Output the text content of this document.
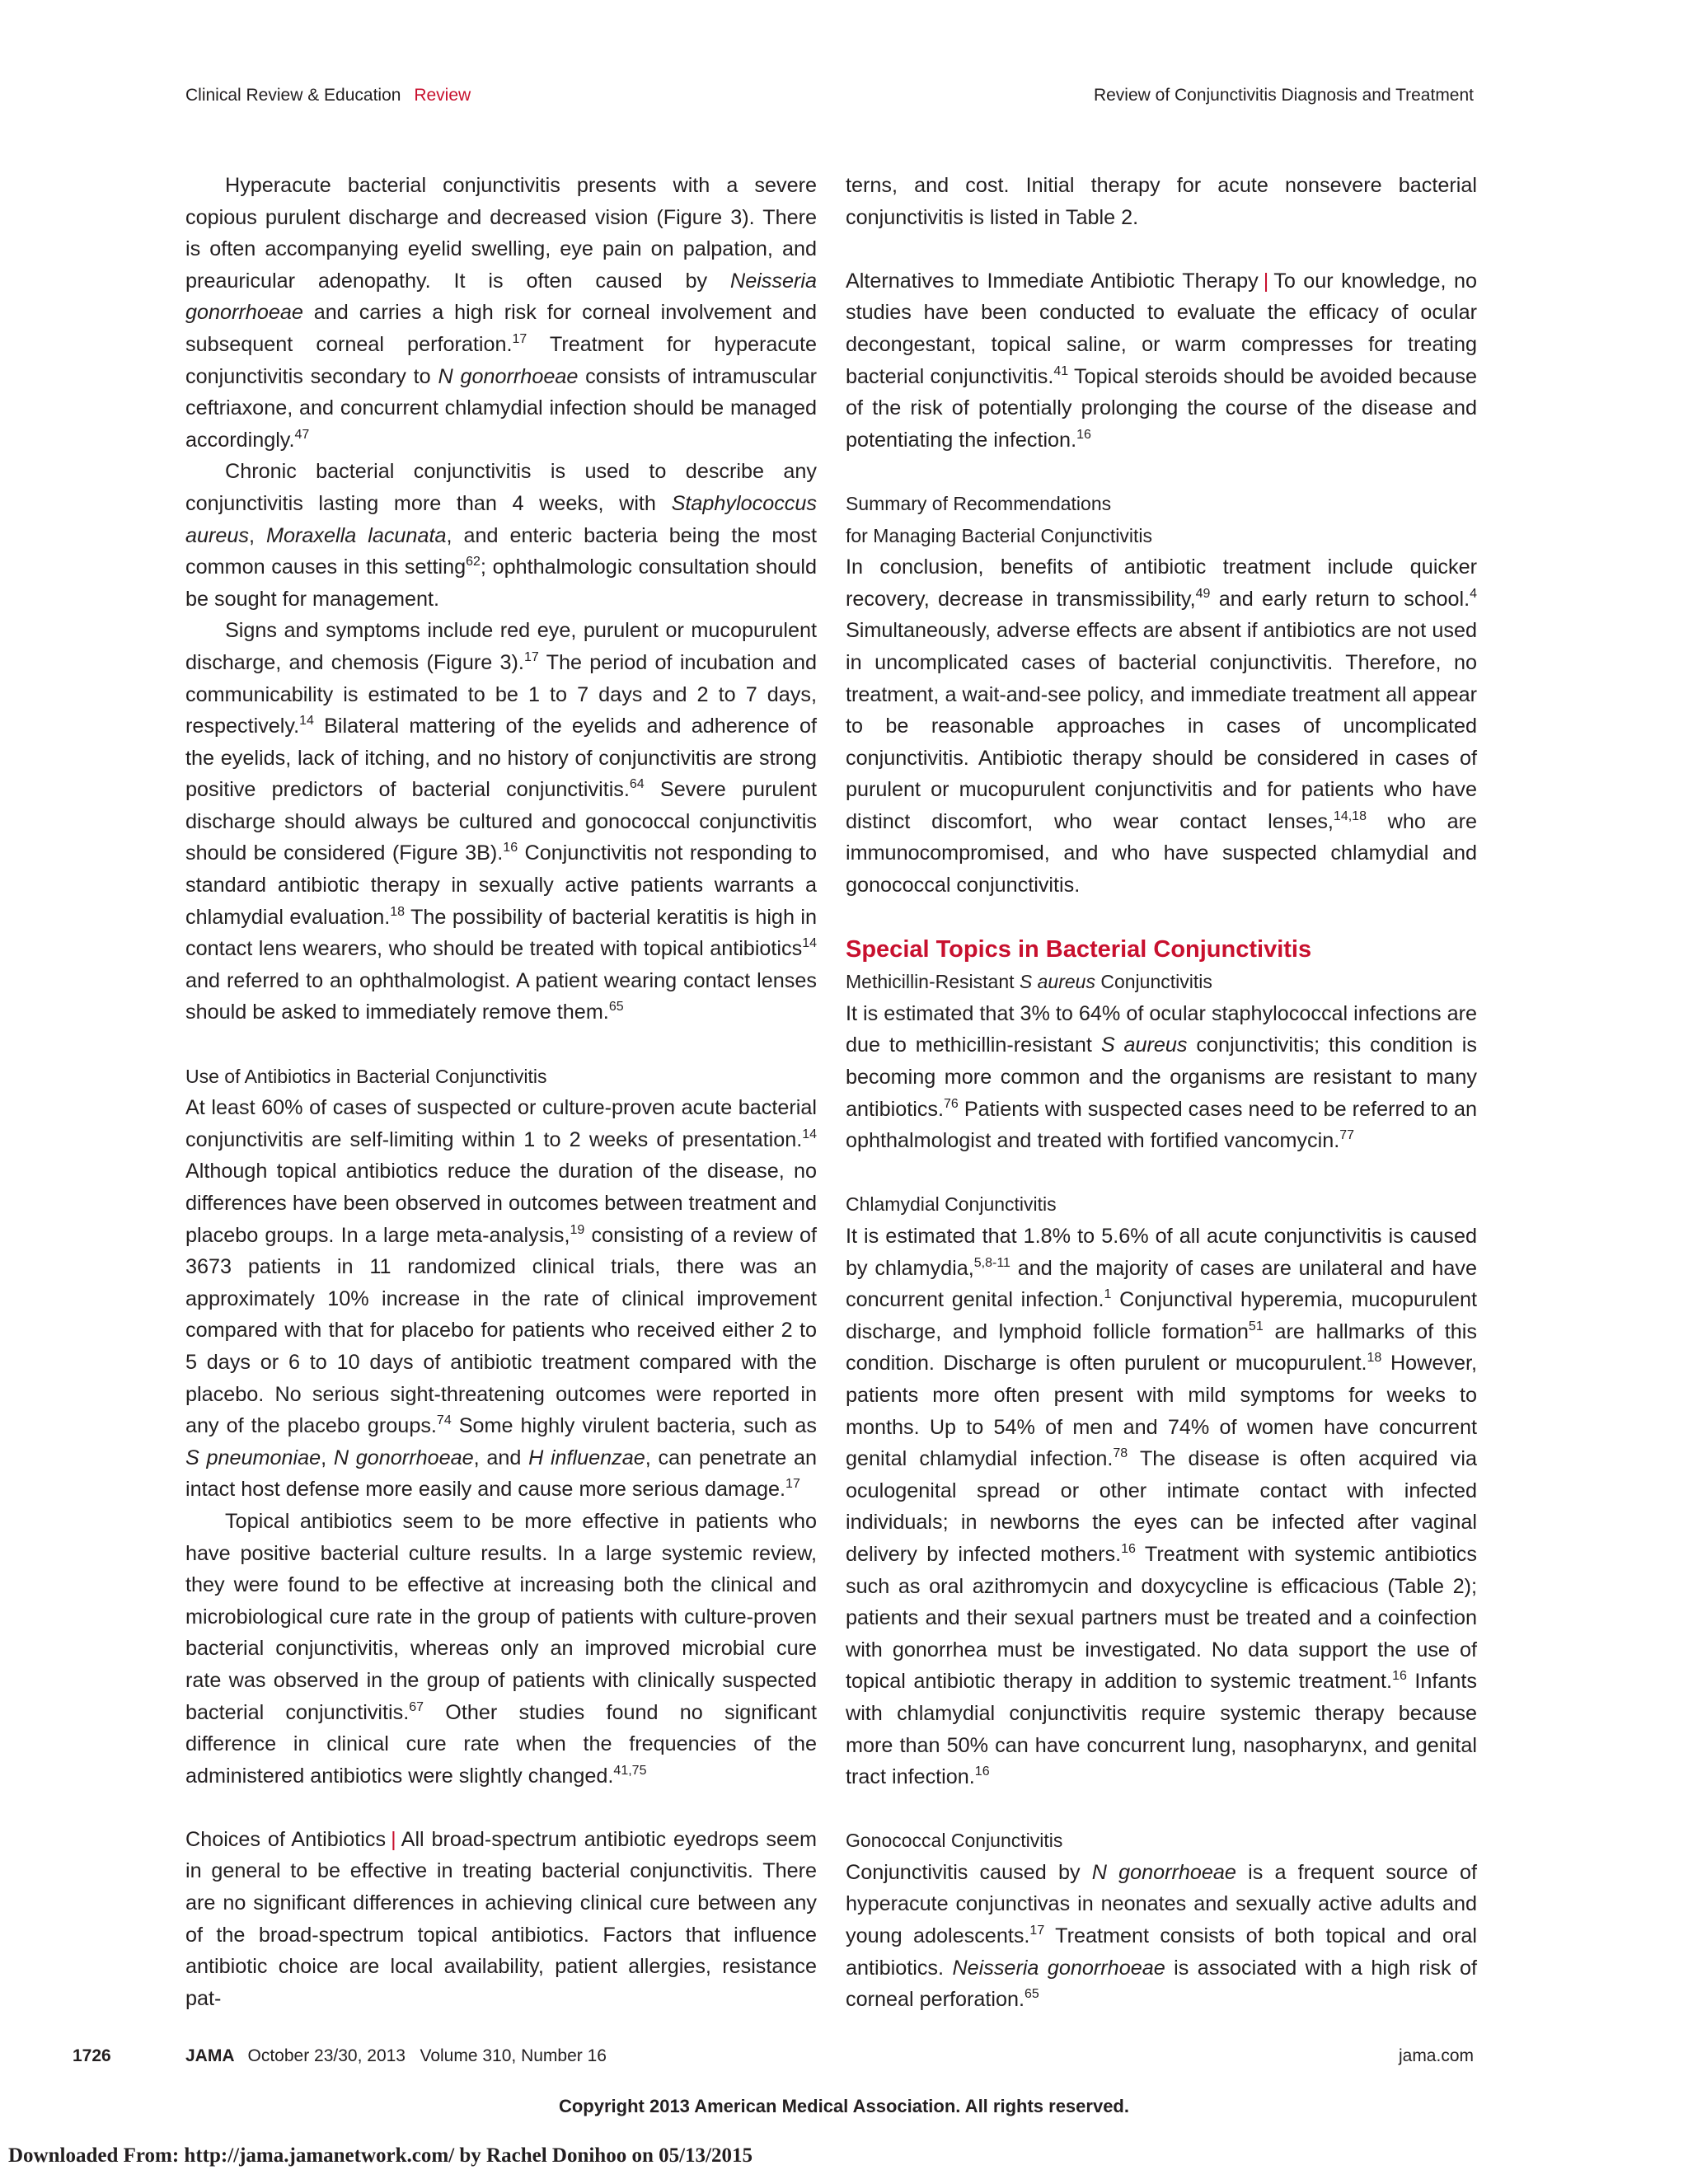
Clinical Review & Education Review	Review of Conjunctivitis Diagnosis and Treatment

Hyperacute bacterial conjunctivitis presents with a severe copious purulent discharge and decreased vision (Figure 3). There is often accompanying eyelid swelling, eye pain on palpation, and preauricular adenopathy. It is often caused by Neisseria gonorrhoeae and carries a high risk for corneal involvement and subsequent corneal perforation.$^{17}$ Treatment for hyperacute conjunctivitis secondary to N gonorrhoeae consists of intramuscular ceftriaxone, and concurrent chlamydial infection should be managed accordingly.$^{47}$

Chronic bacterial conjunctivitis is used to describe any conjunctivitis lasting more than 4 weeks, with Staphylococcus aureus, Moraxella lacunata, and enteric bacteria being the most common causes in this setting$^{62}$; ophthalmologic consultation should be sought for management.

Signs and symptoms include red eye, purulent or mucopurulent discharge, and chemosis (Figure 3).$^{17}$ The period of incubation and communicability is estimated to be 1 to 7 days and 2 to 7 days, respectively.$^{14}$ Bilateral mattering of the eyelids and adherence of the eyelids, lack of itching, and no history of conjunctivitis are strong positive predictors of bacterial conjunctivitis.$^{64}$ Severe purulent discharge should always be cultured and gonococcal conjunctivitis should be considered (Figure 3B).$^{16}$ Conjunctivitis not responding to standard antibiotic therapy in sexually active patients warrants a chlamydial evaluation.$^{18}$ The possibility of bacterial keratitis is high in contact lens wearers, who should be treated with topical antibiotics$^{14}$ and referred to an ophthalmologist. A patient wearing contact lenses should be asked to immediately remove them.$^{65}$

Use of Antibiotics in Bacterial Conjunctivitis

At least 60% of cases of suspected or culture-proven acute bacterial conjunctivitis are self-limiting within 1 to 2 weeks of presentation.$^{14}$ Although topical antibiotics reduce the duration of the disease, no differences have been observed in outcomes between treatment and placebo groups. In a large meta-analysis,$^{19}$ consisting of a review of 3673 patients in 11 randomized clinical trials, there was an approximately 10% increase in the rate of clinical improvement compared with that for placebo for patients who received either 2 to 5 days or 6 to 10 days of antibiotic treatment compared with the placebo. No serious sight-threatening outcomes were reported in any of the placebo groups.$^{74}$ Some highly virulent bacteria, such as S pneumoniae, N gonorrhoeae, and H influenzae, can penetrate an intact host defense more easily and cause more serious damage.$^{17}$

Topical antibiotics seem to be more effective in patients who have positive bacterial culture results. In a large systemic review, they were found to be effective at increasing both the clinical and microbiological cure rate in the group of patients with culture-proven bacterial conjunctivitis, whereas only an improved microbial cure rate was observed in the group of patients with clinically suspected bacterial conjunctivitis.$^{67}$ Other studies found no significant difference in clinical cure rate when the frequencies of the administered antibiotics were slightly changed.$^{41,75}$

Choices of Antibiotics | All broad-spectrum antibiotic eyedrops seem in general to be effective in treating bacterial conjunctivitis. There are no significant differences in achieving clinical cure between any of the broad-spectrum topical antibiotics. Factors that influence antibiotic choice are local availability, patient allergies, resistance pat-

terns, and cost. Initial therapy for acute nonsevere bacterial conjunctivitis is listed in Table 2.

Alternatives to Immediate Antibiotic Therapy | To our knowledge, no studies have been conducted to evaluate the efficacy of ocular decongestant, topical saline, or warm compresses for treating bacterial conjunctivitis.$^{41}$ Topical steroids should be avoided because of the risk of potentially prolonging the course of the disease and potentiating the infection.$^{16}$

Summary of Recommendations
for Managing Bacterial Conjunctivitis

In conclusion, benefits of antibiotic treatment include quicker recovery, decrease in transmissibility,$^{49}$ and early return to school.$^4$ Simultaneously, adverse effects are absent if antibiotics are not used in uncomplicated cases of bacterial conjunctivitis. Therefore, no treatment, a wait-and-see policy, and immediate treatment all appear to be reasonable approaches in cases of uncomplicated conjunctivitis. Antibiotic therapy should be considered in cases of purulent or mucopurulent conjunctivitis and for patients who have distinct discomfort, who wear contact lenses,$^{14,18}$ who are immunocompromised, and who have suspected chlamydial and gonococcal conjunctivitis.

Special Topics in Bacterial Conjunctivitis
Methicillin-Resistant S aureus Conjunctivitis

It is estimated that 3% to 64% of ocular staphylococcal infections are due to methicillin-resistant S aureus conjunctivitis; this condition is becoming more common and the organisms are resistant to many antibiotics.$^{76}$ Patients with suspected cases need to be referred to an ophthalmologist and treated with fortified vancomycin.$^{77}$

Chlamydial Conjunctivitis

It is estimated that 1.8% to 5.6% of all acute conjunctivitis is caused by chlamydia,$^{5,8-11}$ and the majority of cases are unilateral and have concurrent genital infection.$^1$ Conjunctival hyperemia, mucopurulent discharge, and lymphoid follicle formation$^{51}$ are hallmarks of this condition. Discharge is often purulent or mucopurulent.$^{18}$ However, patients more often present with mild symptoms for weeks to months. Up to 54% of men and 74% of women have concurrent genital chlamydial infection.$^{78}$ The disease is often acquired via oculogenital spread or other intimate contact with infected individuals; in newborns the eyes can be infected after vaginal delivery by infected mothers.$^{16}$ Treatment with systemic antibiotics such as oral azithromycin and doxycycline is efficacious (Table 2); patients and their sexual partners must be treated and a coinfection with gonorrhea must be investigated. No data support the use of topical antibiotic therapy in addition to systemic treatment.$^{16}$ Infants with chlamydial conjunctivitis require systemic therapy because more than 50% can have concurrent lung, nasopharynx, and genital tract infection.$^{16}$

Gonococcal Conjunctivitis

Conjunctivitis caused by N gonorrhoeae is a frequent source of hyperacute conjunctivas in neonates and sexually active adults and young adolescents.$^{17}$ Treatment consists of both topical and oral antibiotics. Neisseria gonorrhoeae is associated with a high risk of corneal perforation.$^{65}$

1726	JAMA October 23/30, 2013   Volume 310, Number 16	jama.com
Copyright 2013 American Medical Association. All rights reserved.
Downloaded From: http://jama.jamanetwork.com/ by Rachel Donihoo on 05/13/2015
